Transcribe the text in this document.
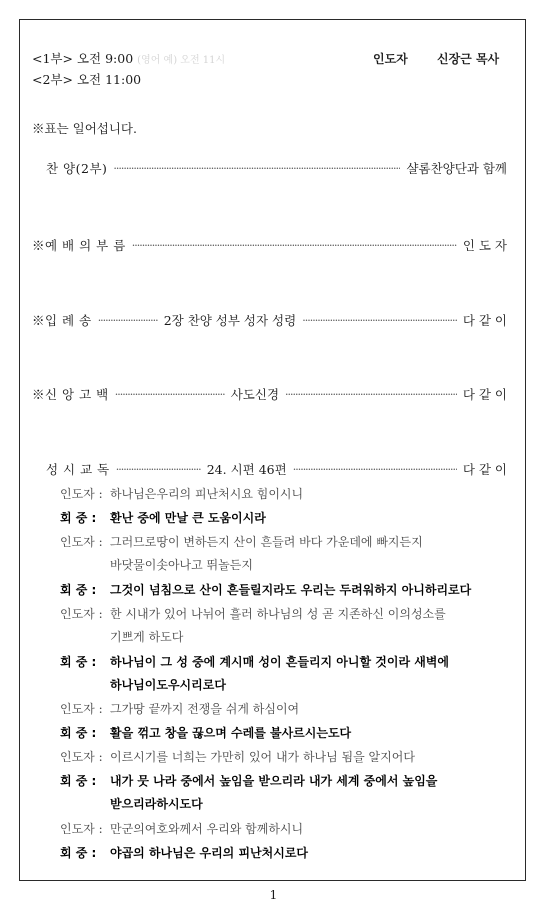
<1부> 오전 9:00 (영어 예) 오전 11시
<2부> 오전 11:00
인도자 신장근 목사
※표는 일어섭니다.
찬 양(2부) ·····	샬롬찬양단과 함께
※예 배 의 부 름 ·····	인 도 자
※입 례 송 ·····	2장 찬양 성부 성자 성령 ·····	다 같 이
※신 앙 고 백 ·····	사도신경 ·····	다 같 이
성 시 교 독 ·····	24. 시편 46편 ·····	다 같 이
인도자 : 하나님은우리의 피난처시요 힘이시니
회 중 : 환난 중에 만날 큰 도움이시라
인도자 : 그러므로땅이 변하든지 산이 흔들려 바다 가운데에 빠지든지
바닷물이솟아나고 뛰놀든지
회 중 : 그것이 넘침으로 산이 흔들릴지라도 우리는 두려워하지 아니하리로다
인도자 : 한 시내가 있어 나뉘어 흘러 하나님의 성 곧 지존하신 이의성소를
기쁘게 하도다
회 중 : 하나님이 그 성 중에 계시매 성이 흔들리지 아니할 것이라 새벽에
하나님이도우시리로다
인도자 : 그가땅 끝까지 전쟁을 쉬게 하심이여
회 중 : 활을 꺾고 창을 끊으며 수레를 불사르시는도다
인도자 : 이르시기를 너희는 가만히 있어 내가 하나님 됨을 알지어다
회 중 : 내가 뭇 나라 중에서 높임을 받으리라 내가 세계 중에서 높임을
받으리라하시도다
인도자 : 만군의여호와께서 우리와 함께하시니
회 중 : 야곱의 하나님은 우리의 피난처시로다
1
